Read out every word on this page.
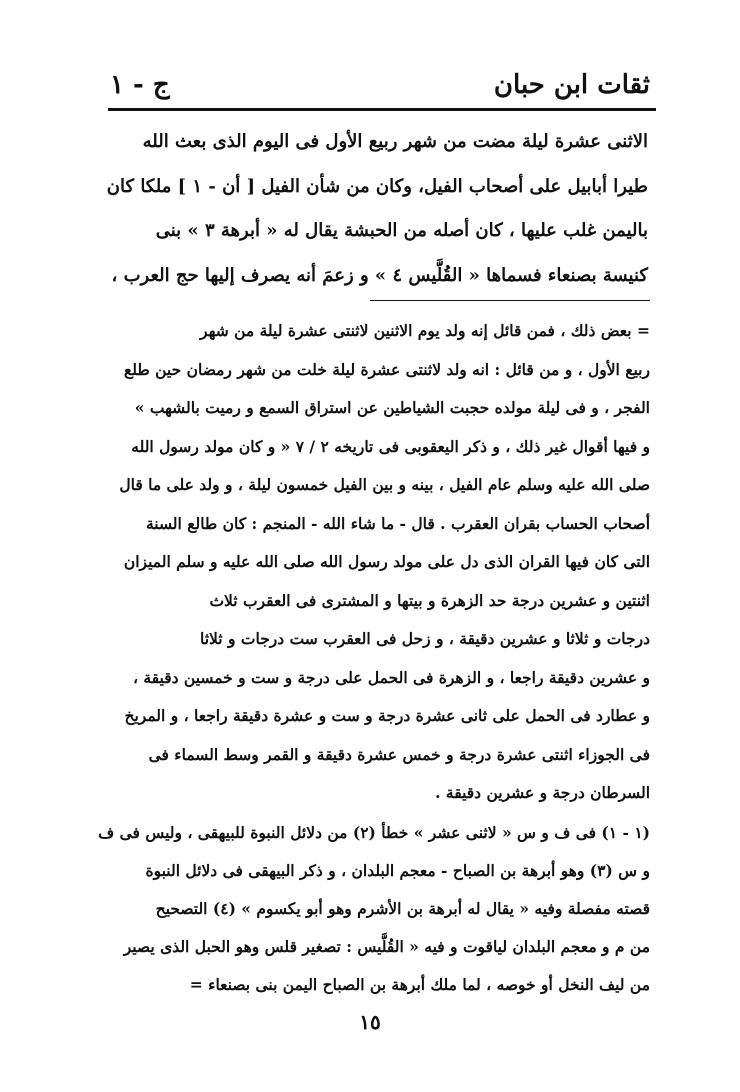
ج - ١	ثقات ابن حبان
الاثنى عشرة ليلة مضت من شهر ربيع الأول فى اليوم الذى بعث الله
طيرا أبابيل على أصحاب الفيل، وكان من شأن الفيل [ أن - ١ ] ملكا كان
باليمن غلب عليها ، كان أصله من الحبشة يقال له « أبرهة ٣ » بنى
كنيسة بصنعاء فسماها « القُلَّيس ٤ » و زعمَ أنه يصرف إليها حج العرب ،
= بعض ذلك ، فمن قائل إنه ولد يوم الاثنين لاثنتى عشرة ليلة من شهر
ربيع الأول ، و من قائل : انه ولد لاثنتى عشرة ليلة خلت من شهر رمضان حين طلع
الفجر ، و فى ليلة مولده حجبت الشياطين عن استراق السمع و رميت بالشهب »
و فيها أقوال غير ذلك ، و ذكر اليعقوبى فى تاريخه ٢ / ٧ « و كان مولد رسول الله
صلى الله عليه وسلم عام الفيل ، بينه و بين الفيل خمسون ليلة ، و ولد على ما قال
أصحاب الحساب بقران العقرب . قال - ما شاء الله - المنجم : كان طالع السنة
التى كان فيها القران الذى دل على مولد رسول الله صلى الله عليه و سلم الميزان
اثنتين و عشرين درجة حد الزهرة و بيتها و المشترى فى العقرب ثلاث
درجات و ثلاثا و عشرين دقيقة ، و زحل فى العقرب ست درجات و ثلاثا
و عشرين دقيقة راجعا ، و الزهرة فى الحمل على درجة و ست و خمسين دقيقة ،
و عطارد فى الحمل على ثانى عشرة درجة و ست و عشرة دقيقة راجعا ، و المريخ
فى الجوزاء اثنتى عشرة درجة و خمس عشرة دقيقة و القمر وسط السماء فى
السرطان درجة و عشرين دقيقة .
(١ - ١) فى ف و س « لاثنى عشر » خطأ (٢) من دلائل النبوة للبيهقى ، وليس فى ف
و س (٣) وهو أبرهة بن الصباح - معجم البلدان ، و ذكر البيهقى فى دلائل النبوة
قصته مفصلة وفيه « يقال له أبرهة بن الأشرم وهو أبو يكسوم » (٤) التصحيح
من م و معجم البلدان لياقوت و فيه « القُلَّيس : تصغير قلس وهو الحبل الذى يصير
من ليف النخل أو خوصه ، لما ملك أبرهة بن الصباح اليمن بنى بصنعاء =
١٥
